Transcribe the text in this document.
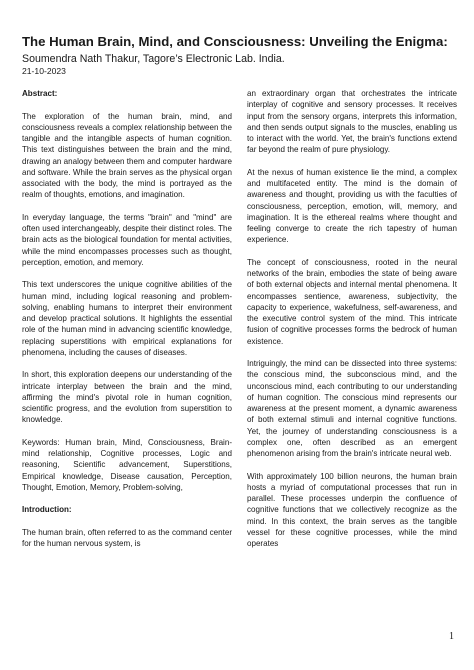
The Human Brain, Mind, and Consciousness: Unveiling the Enigma:
Soumendra Nath Thakur, Tagore’s Electronic Lab. India.
21-10-2023
Abstract:

The exploration of the human brain, mind, and consciousness reveals a complex relationship between the tangible and the intangible aspects of human cognition. This text distinguishes between the brain and the mind, drawing an analogy between them and computer hardware and software. While the brain serves as the physical organ associated with the body, the mind is portrayed as the realm of thoughts, emotions, and imagination.

In everyday language, the terms "brain" and "mind" are often used interchangeably, despite their distinct roles. The brain acts as the biological foundation for mental activities, while the mind encompasses processes such as thought, perception, emotion, and memory.

This text underscores the unique cognitive abilities of the human mind, including logical reasoning and problem-solving, enabling humans to interpret their environment and develop practical solutions. It highlights the essential role of the human mind in advancing scientific knowledge, replacing superstitions with empirical explanations for phenomena, including the causes of diseases.

In short, this exploration deepens our understanding of the intricate interplay between the brain and the mind, affirming the mind's pivotal role in human cognition, scientific progress, and the evolution from superstition to knowledge.

Keywords: Human brain, Mind, Consciousness, Brain-mind relationship, Cognitive processes, Logic and reasoning, Scientific advancement, Superstitions, Empirical knowledge, Disease causation, Perception, Thought, Emotion, Memory, Problem-solving,

Introduction:

The human brain, often referred to as the command center for the human nervous system, is

an extraordinary organ that orchestrates the intricate interplay of cognitive and sensory processes. It receives input from the sensory organs, interprets this information, and then sends output signals to the muscles, enabling us to interact with the world. Yet, the brain's functions extend far beyond the realm of pure physiology.

At the nexus of human existence lie the mind, a complex and multifaceted entity. The mind is the domain of awareness and thought, providing us with the faculties of consciousness, perception, emotion, will, memory, and imagination. It is the ethereal realms where thought and feeling converge to create the rich tapestry of human experience.

The concept of consciousness, rooted in the neural networks of the brain, embodies the state of being aware of both external objects and internal mental phenomena. It encompasses sentience, awareness, subjectivity, the capacity to experience, wakefulness, self-awareness, and the executive control system of the mind. This intricate fusion of cognitive processes forms the bedrock of human existence.

Intriguingly, the mind can be dissected into three systems: the conscious mind, the subconscious mind, and the unconscious mind, each contributing to our understanding of human cognition. The conscious mind represents our awareness at the present moment, a dynamic awareness of both external stimuli and internal cognitive functions. Yet, the journey of understanding consciousness is a complex one, often described as an emergent phenomenon arising from the brain's intricate neural web.

With approximately 100 billion neurons, the human brain hosts a myriad of computational processes that run in parallel. These processes underpin the confluence of cognitive functions that we collectively recognize as the mind. In this context, the brain serves as the tangible vessel for these cognitive processes, while the mind operates

1
